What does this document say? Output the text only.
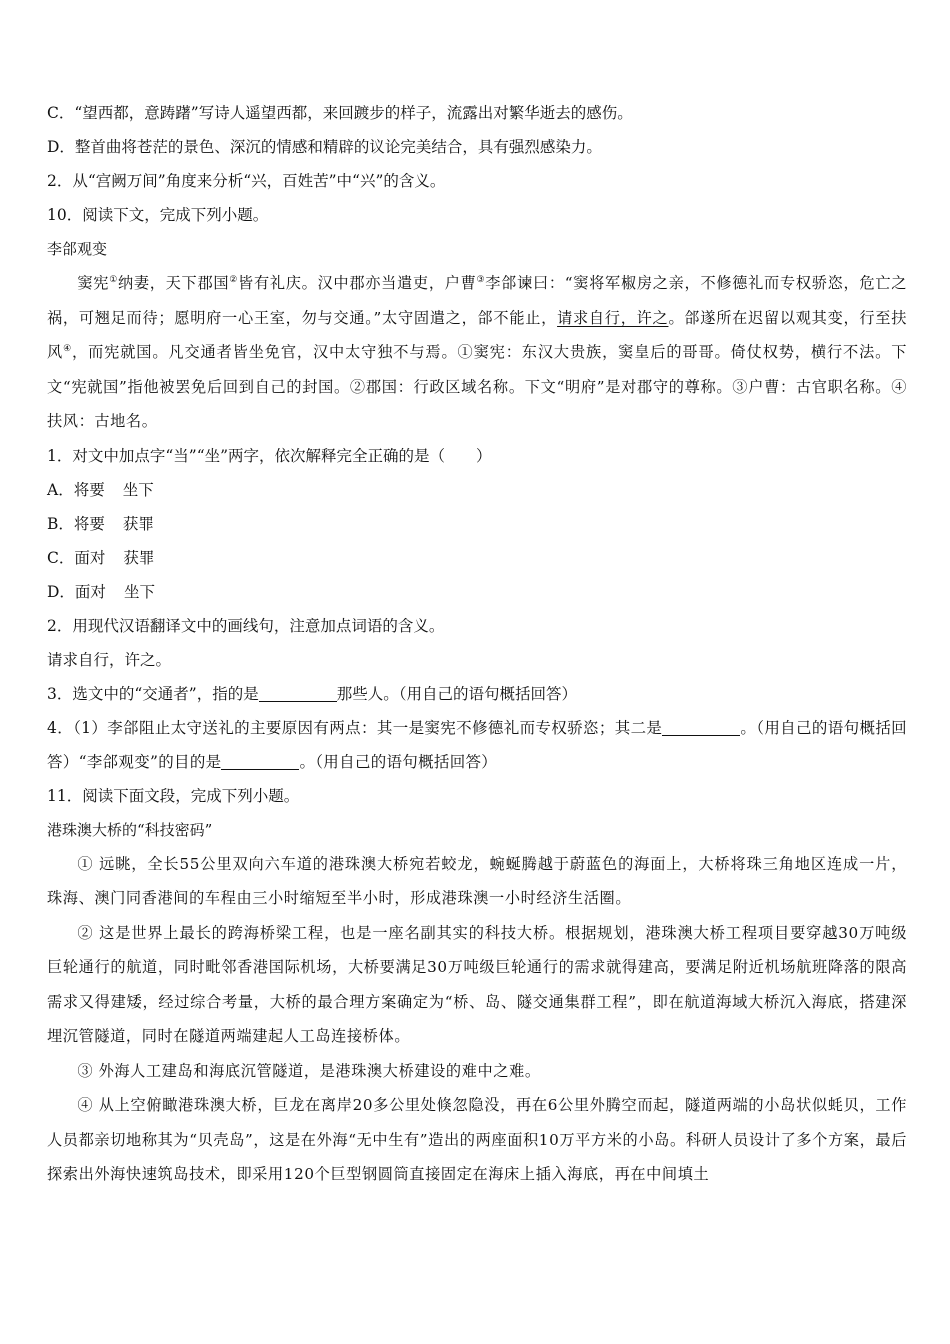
C．“望西都，意踌躇”写诗人遥望西都，来回踱步的样子，流露出对繁华逝去的感伤。

D．整首曲将苍茫的景色、深沉的情感和精辟的议论完美结合，具有强烈感染力。

2．从“宫阙万间”角度来分析“兴，百姓苦”中“兴”的含义。

10．阅读下文，完成下列小题。

李郃观变

窦宪①纳妻，天下郡国②皆有礼庆。汉中郡亦当遣吏，户曹③李郃谏曰：“窦将军椒房之亲，不修德礼而专权骄恣，危亡之祸，可翘足而待；愿明府一心王室，勿与交通。”太守固遣之，郃不能止，请求自行，许之。郃遂所在迟留以观其变，行至扶风④，而宪就国。凡交通者皆坐免官，汉中太守独不与焉。①窦宪：东汉大贵族，窦皇后的哥哥。倚仗权势，横行不法。下文“宪就国”指他被罢免后回到自己的封国。②郡国：行政区域名称。下文“明府”是对郡守的尊称。③户曹：古官职名称。④扶风：古地名。

1．对文中加点字“当”“坐”两字，依次解释完全正确的是（　　）

A．将要 坐下

B．将要 获罪

C．面对 获罪

D．面对 坐下

2．用现代汉语翻译文中的画线句，注意加点词语的含义。

请求自行，许之。

3．选文中的“交通者”，指的是	那些人。（用自己的语句概括回答）

4．（1）李郃阻止太守送礼的主要原因有两点：其一是窦宪不修德礼而专权骄恣；其二是	。（用自己的语句概括回答）“李郃观变”的目的是	。（用自己的语句概括回答）

11．阅读下面文段，完成下列小题。

港珠澳大桥的“科技密码”

① 远眺，全长55公里双向六车道的港珠澳大桥宛若蛟龙，蜿蜒腾越于蔚蓝色的海面上，大桥将珠三角地区连成一片，珠海、澳门同香港间的车程由三小时缩短至半小时，形成港珠澳一小时经济生活圈。

② 这是世界上最长的跨海桥梁工程，也是一座名副其实的科技大桥。根据规划，港珠澳大桥工程项目要穿越30万吨级巨轮通行的航道，同时毗邻香港国际机场，大桥要满足30万吨级巨轮通行的需求就得建高，要满足附近机场航班降落的限高需求又得建矮，经过综合考量，大桥的最合理方案确定为“桥、岛、隧交通集群工程”，即在航道海域大桥沉入海底，搭建深埋沉管隧道，同时在隧道两端建起人工岛连接桥体。

③ 外海人工建岛和海底沉管隧道，是港珠澳大桥建设的难中之难。

④ 从上空俯瞰港珠澳大桥，巨龙在离岸20多公里处倏忽隐没，再在6公里外腾空而起，隧道两端的小岛状似蚝贝，工作人员都亲切地称其为“贝壳岛”，这是在外海“无中生有”造出的两座面积10万平方米的小岛。科研人员设计了多个方案，最后探索出外海快速筑岛技术，即采用120个巨型钢圆筒直接固定在海床上插入海底，再在中间填土
